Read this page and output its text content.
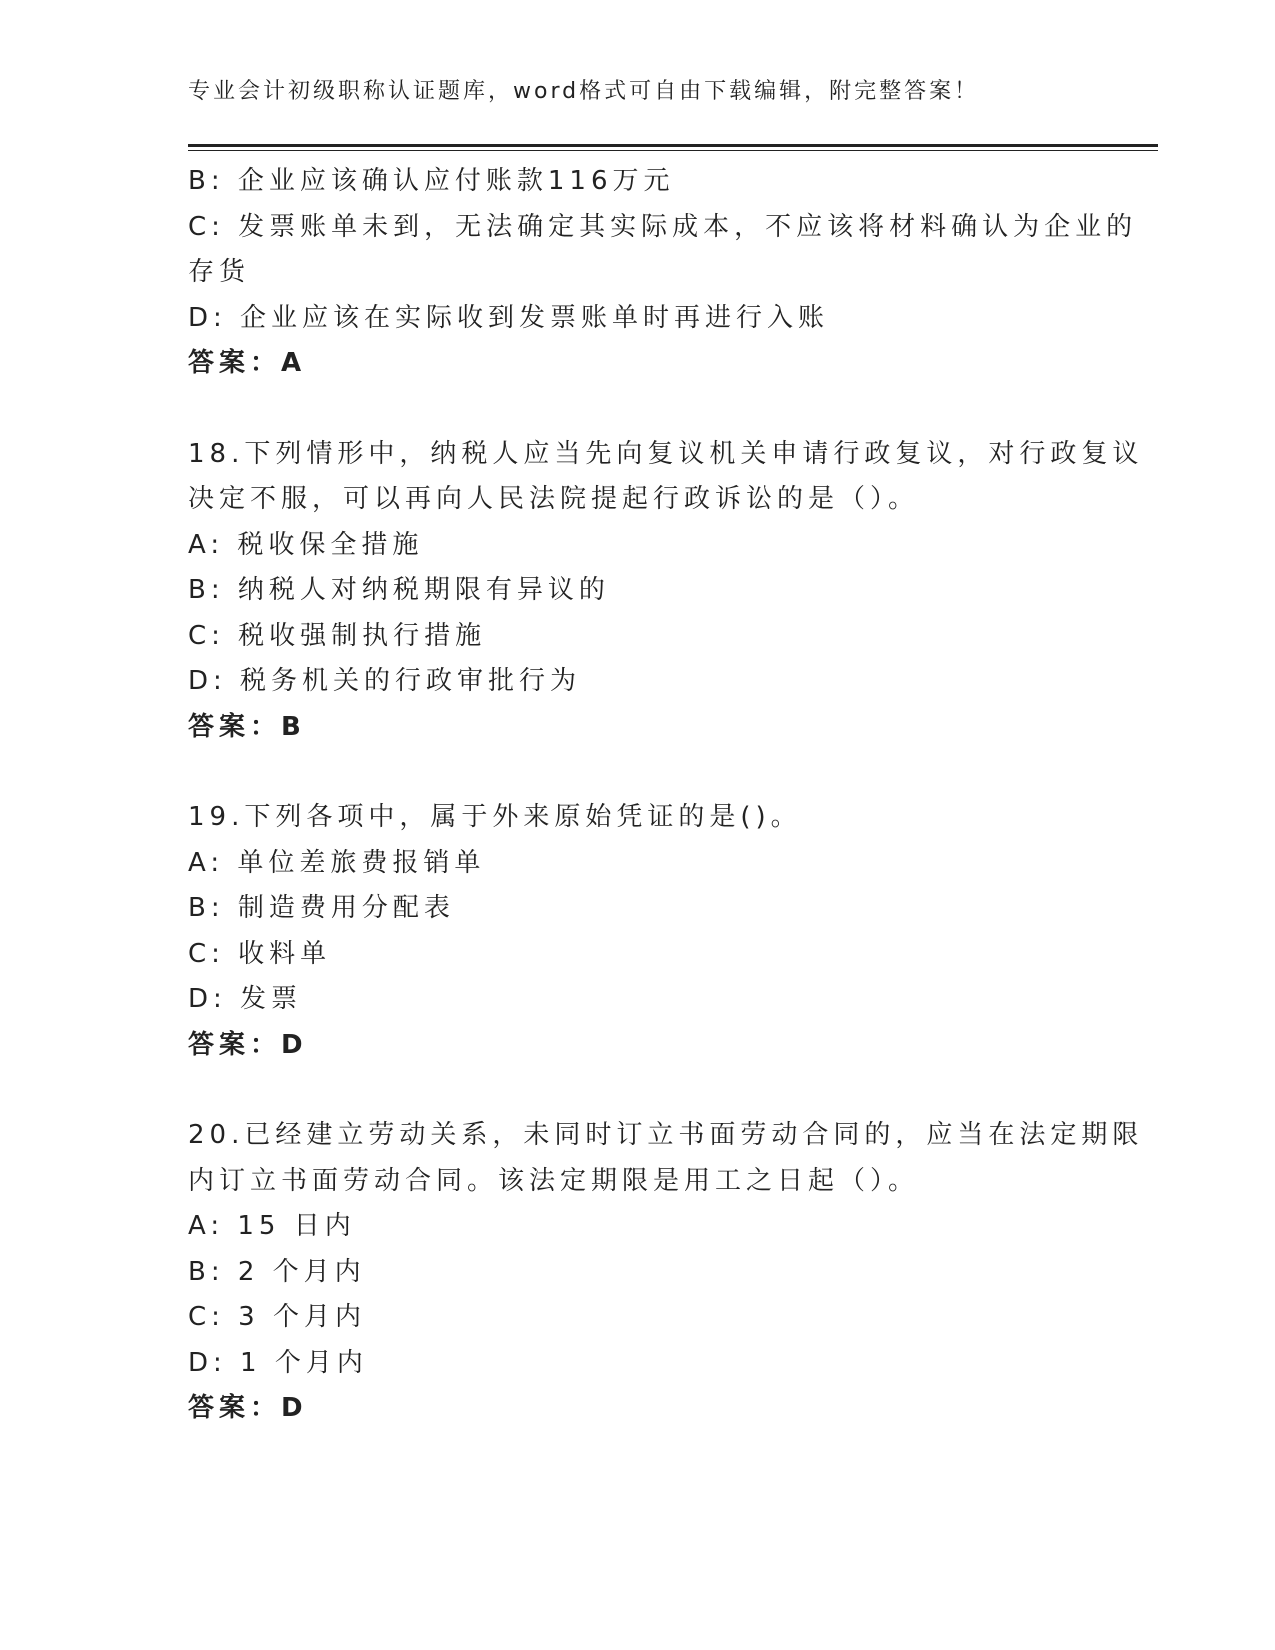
专业会计初级职称认证题库，word格式可自由下载编辑，附完整答案！
B: 企业应该确认应付账款116万元
C: 发票账单未到，无法确定其实际成本，不应该将材料确认为企业的
存货
D: 企业应该在实际收到发票账单时再进行入账
答案：A
18.下列情形中，纳税人应当先向复议机关申请行政复议，对行政复议
决定不服，可以再向人民法院提起行政诉讼的是（）。
A: 税收保全措施
B: 纳税人对纳税期限有异议的
C: 税收强制执行措施
D: 税务机关的行政审批行为
答案：B
19.下列各项中，属于外来原始凭证的是()。
A: 单位差旅费报销单
B: 制造费用分配表
C: 收料单
D: 发票
答案：D
20.已经建立劳动关系，未同时订立书面劳动合同的，应当在法定期限
内订立书面劳动合同。该法定期限是用工之日起（）。
A: 15 日内
B: 2 个月内
C: 3 个月内
D: 1 个月内
答案：D
